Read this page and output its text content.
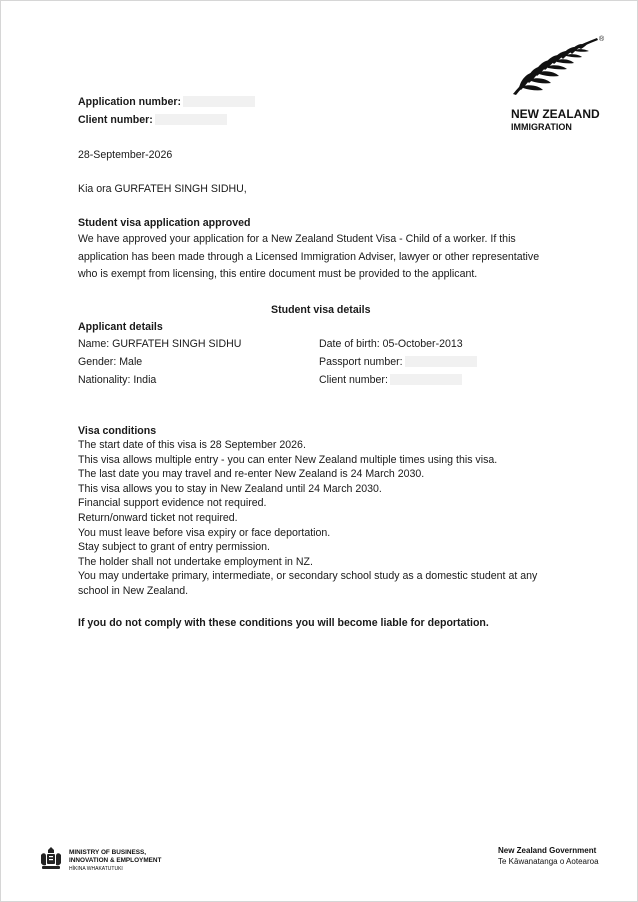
®
NEW ZEALAND
IMMIGRATION
Application number:
Client number:
28-September-2026
Kia ora GURFATEH SINGH SIDHU,
Student visa application approved
We have approved your application for a New Zealand Student Visa - Child of a worker. If this
application has been made through a Licensed Immigration Adviser, lawyer or other representative
who is exempt from licensing, this entire document must be provided to the applicant.
Student visa details
Applicant details
Name: GURFATEH SINGH SIDHU
Gender: Male
Nationality: India
Date of birth: 05-October-2013
Passport number:
Client number:
Visa conditions
The start date of this visa is 28 September 2026.
This visa allows multiple entry - you can enter New Zealand multiple times using this visa.
The last date you may travel and re-enter New Zealand is 24 March 2030.
This visa allows you to stay in New Zealand until 24 March 2030.
Financial support evidence not required.
Return/onward ticket not required.
You must leave before visa expiry or face deportation.
Stay subject to grant of entry permission.
The holder shall not undertake employment in NZ.
You may undertake primary, intermediate, or secondary school study as a domestic student at any
school in New Zealand.
If you do not comply with these conditions you will become liable for deportation.
MINISTRY OF BUSINESS,
INNOVATION & EMPLOYMENT
HĪKINA WHAKATUTUKI
New Zealand Government
Te Kāwanatanga o Aotearoa
